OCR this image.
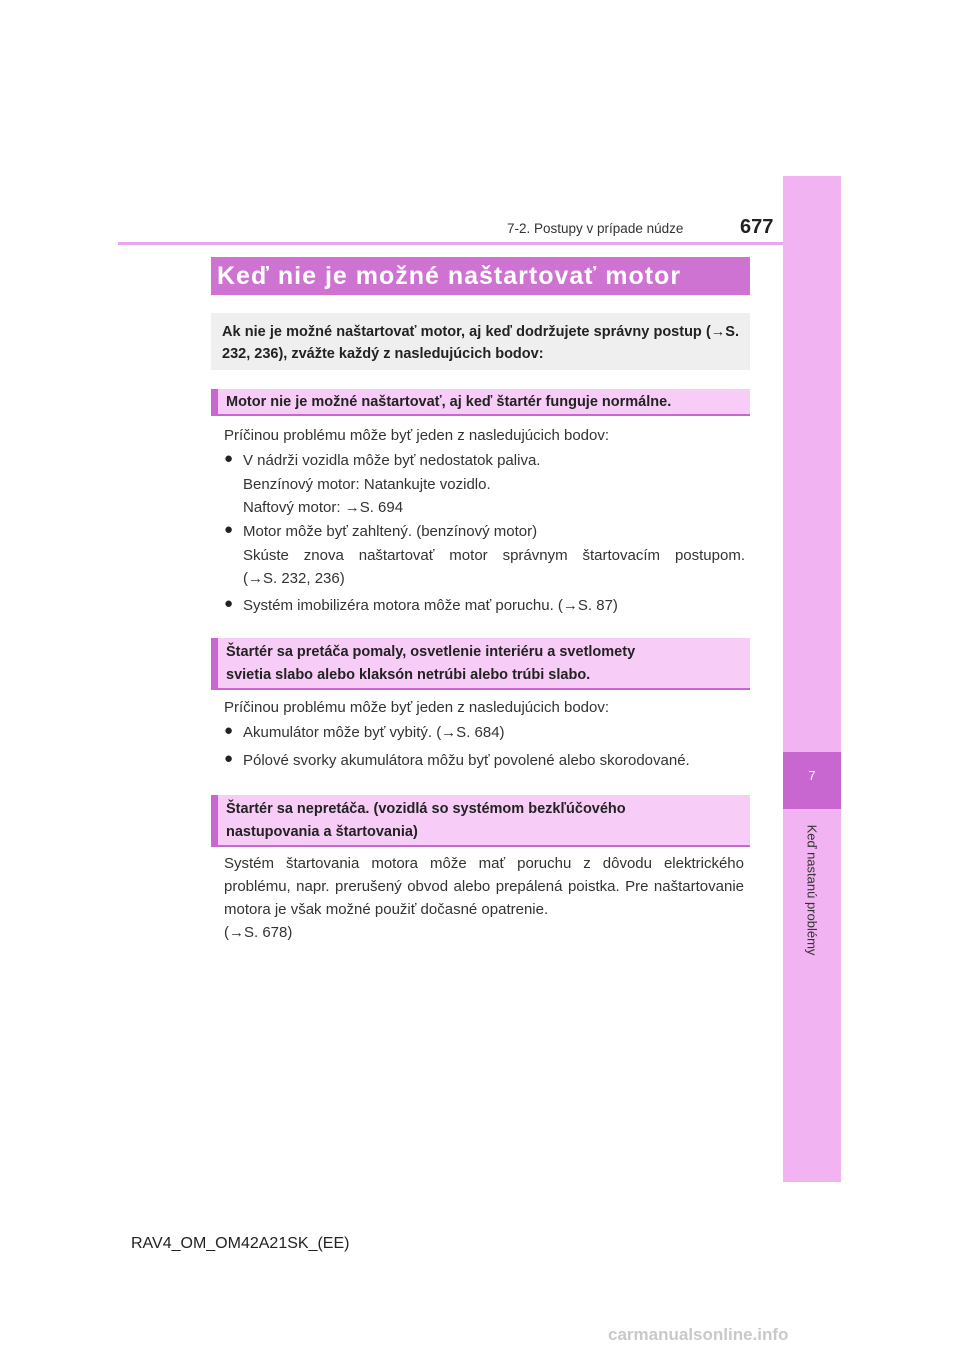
7
Keď nastanú problémy
7-2. Postupy v prípade núdze	677
Keď nie je možné naštartovať motor
Ak nie je možné naštartovať motor, aj keď dodržujete správny postup (→S. 232, 236), zvážte každý z nasledujúcich bodov:
Motor nie je možné naštartovať, aj keď štartér funguje normálne.
Príčinou problému môže byť jeden z nasledujúcich bodov:
● V nádrži vozidla môže byť nedostatok paliva.
Benzínový motor: Natankujte vozidlo.
Naftový motor: →S. 694
● Motor môže byť zahltený. (benzínový motor)
Skúste znova naštartovať motor správnym štartovacím postupom.
(→S. 232, 236)
● Systém imobilizéra motora môže mať poruchu. (→S. 87)
Štartér sa pretáča pomaly, osvetlenie interiéru a svetlomety
svietia slabo alebo klaksón netrúbi alebo trúbi slabo.
Príčinou problému môže byť jeden z nasledujúcich bodov:
● Akumulátor môže byť vybitý. (→S. 684)
● Pólové svorky akumulátora môžu byť povolené alebo skorodované.
Štartér sa nepretáča. (vozidlá so systémom bezkľúčového
nastupovania a štartovania)
Systém štartovania motora môže mať poruchu z dôvodu elektrického problému, napr. prerušený obvod alebo prepálená poistka. Pre naštartovanie motora je však možné použiť dočasné opatrenie.
(→S. 678)
RAV4_OM_OM42A21SK_(EE)
carmanualsonline.info
